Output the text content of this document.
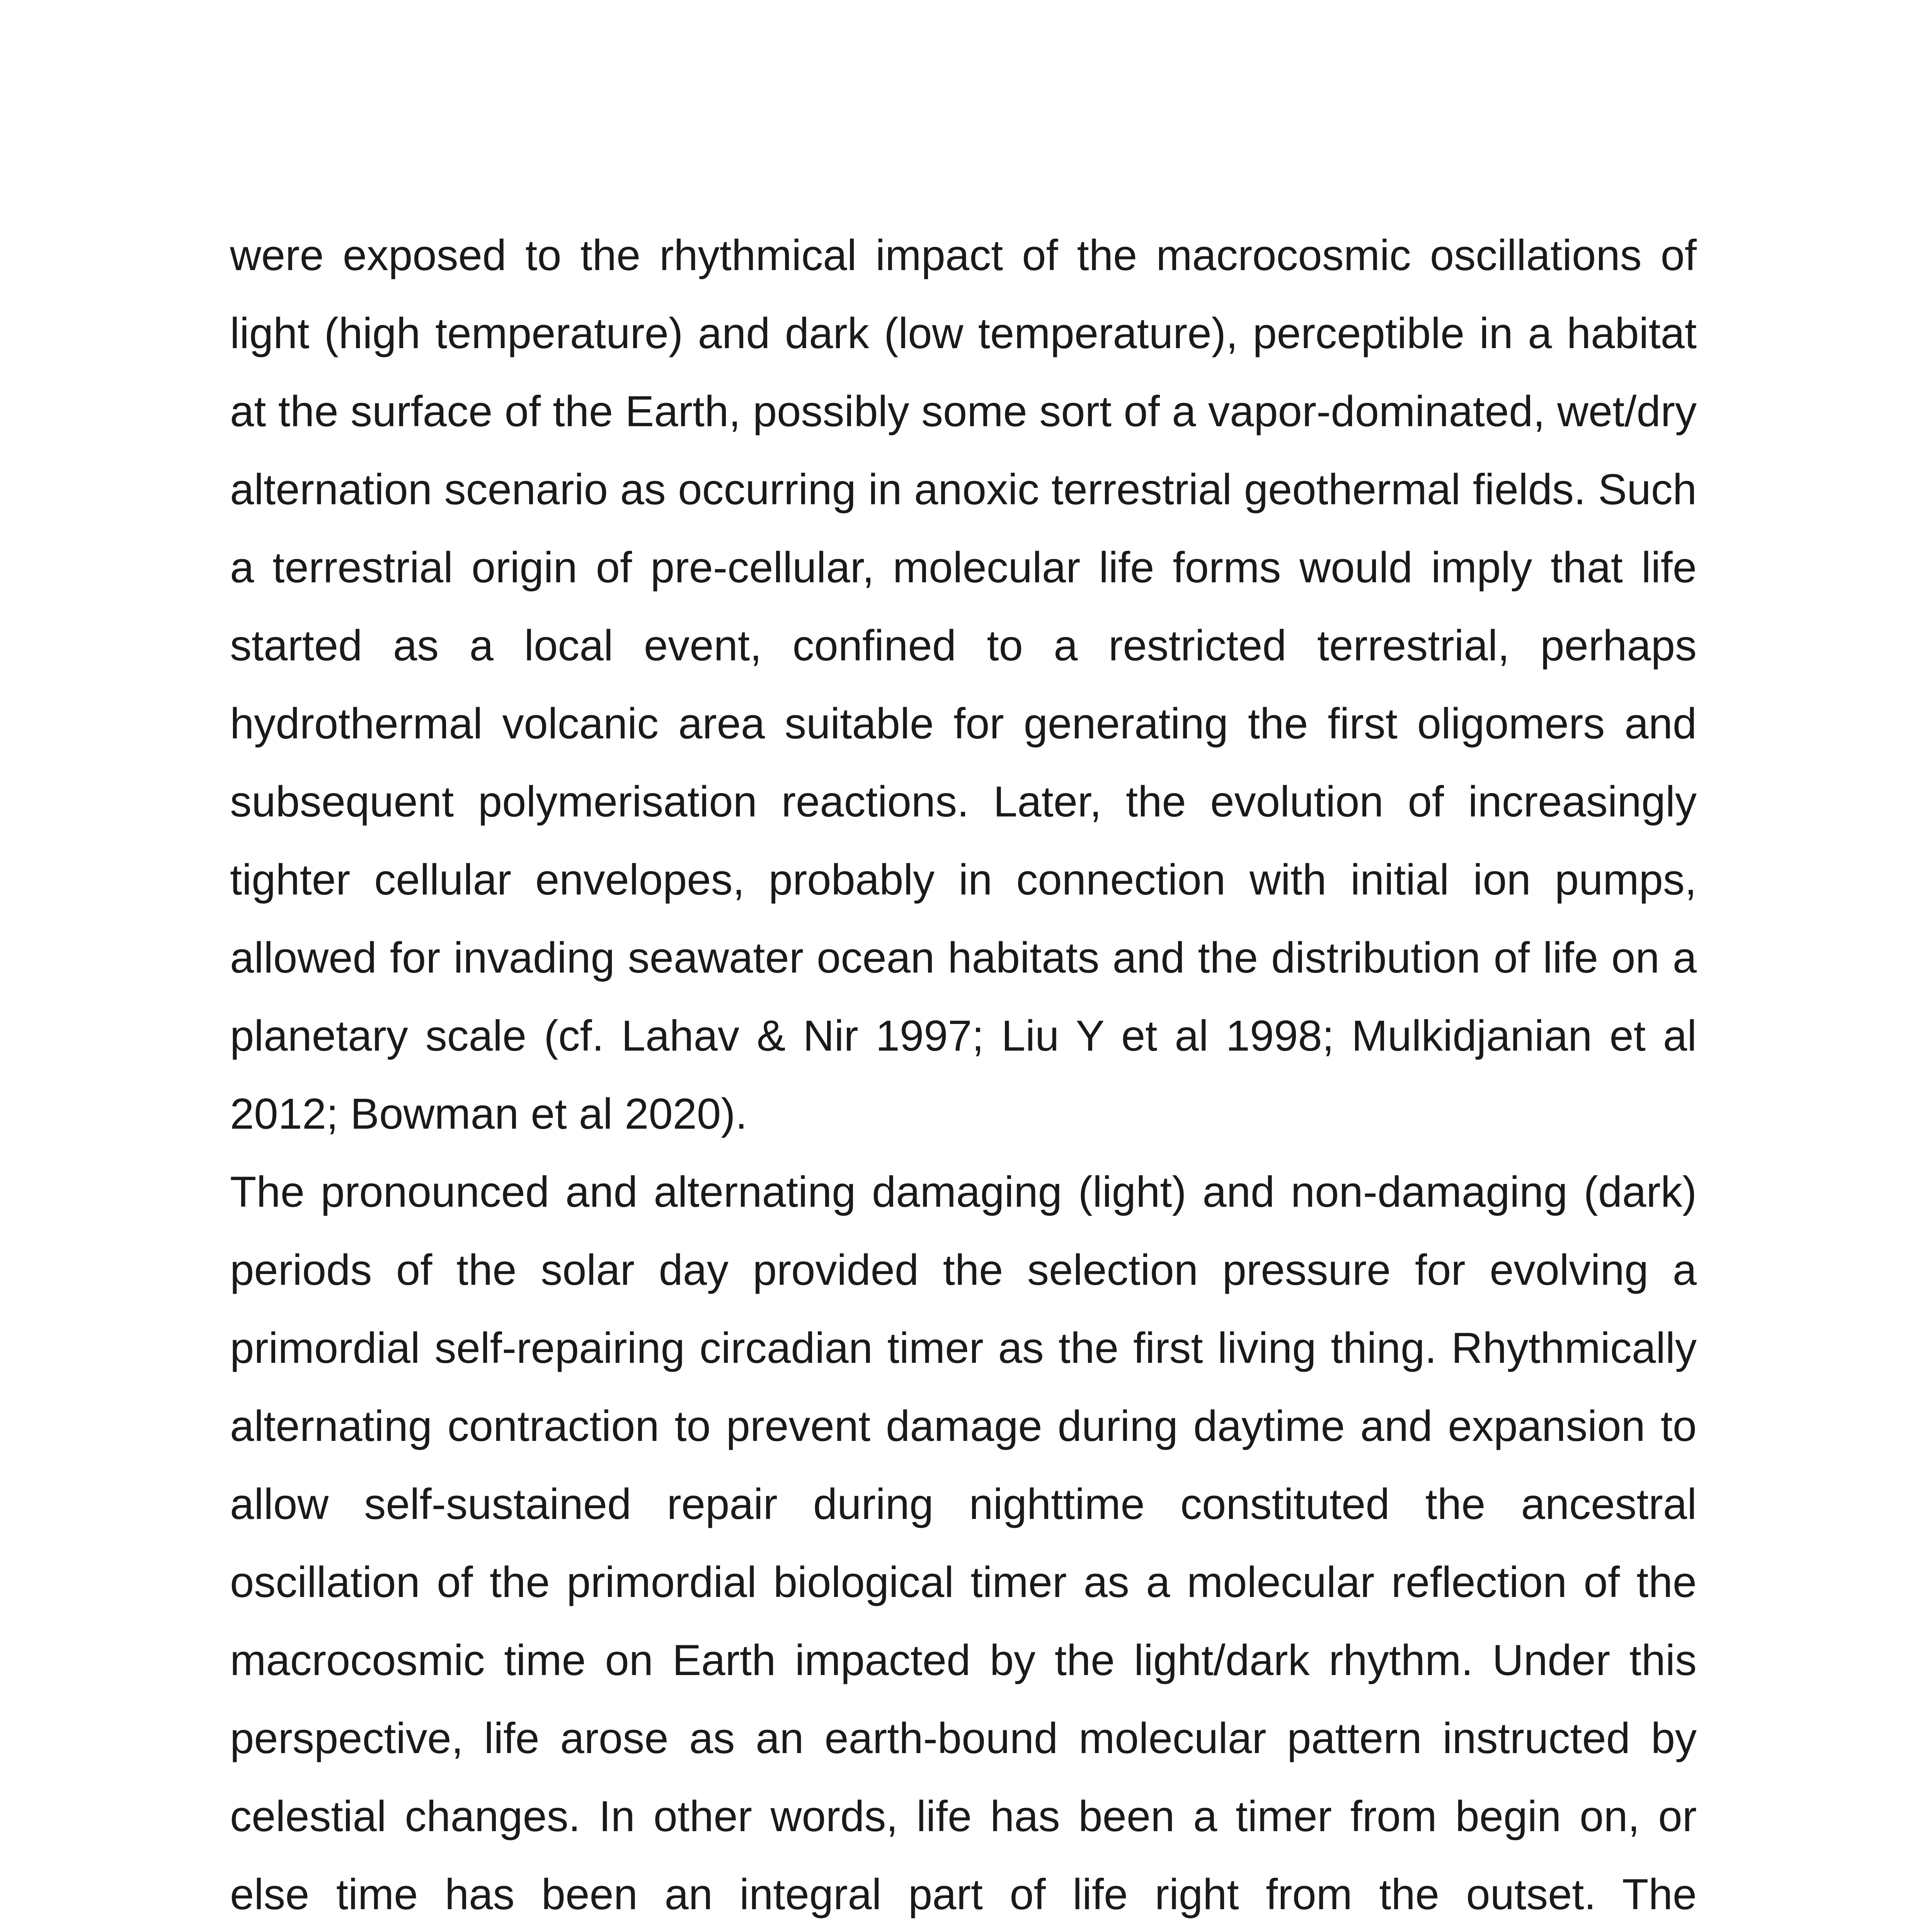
were exposed to the rhythmical impact of the macrocosmic oscillations of light (high temperature) and dark (low temperature), perceptible in a habitat at the surface of the Earth, possibly some sort of a vapor-dominated, wet/dry alternation scenario as occurring in anoxic terrestrial geothermal fields. Such a terrestrial origin of pre-cellular, molecular life forms would imply that life started as a local event, confined to a restricted terrestrial, perhaps hydrothermal volcanic area suitable for generating the first oligomers and subsequent polymerisation reactions. Later, the evolution of increasingly tighter cellular envelopes, probably in connection with initial ion pumps, allowed for invading seawater ocean habitats and the distribution of life on a planetary scale (cf. Lahav & Nir 1997; Liu Y et al 1998; Mulkidjanian et al 2012; Bowman et al 2020).

The pronounced and alternating damaging (light) and non-damaging (dark) periods of the solar day provided the selection pressure for evolving a primordial self-repairing circadian timer as the first living thing. Rhythmically alternating contraction to prevent damage during daytime and expansion to allow self-sustained repair during nighttime constituted the ancestral oscillation of the primordial biological timer as a molecular reflection of the macrocosmic time on Earth impacted by the light/dark rhythm. Under this perspective, life arose as an earth-bound molecular pattern instructed by celestial changes. In other words, life has been a timer from begin on, or else time has been an integral part of life right from the outset. The
